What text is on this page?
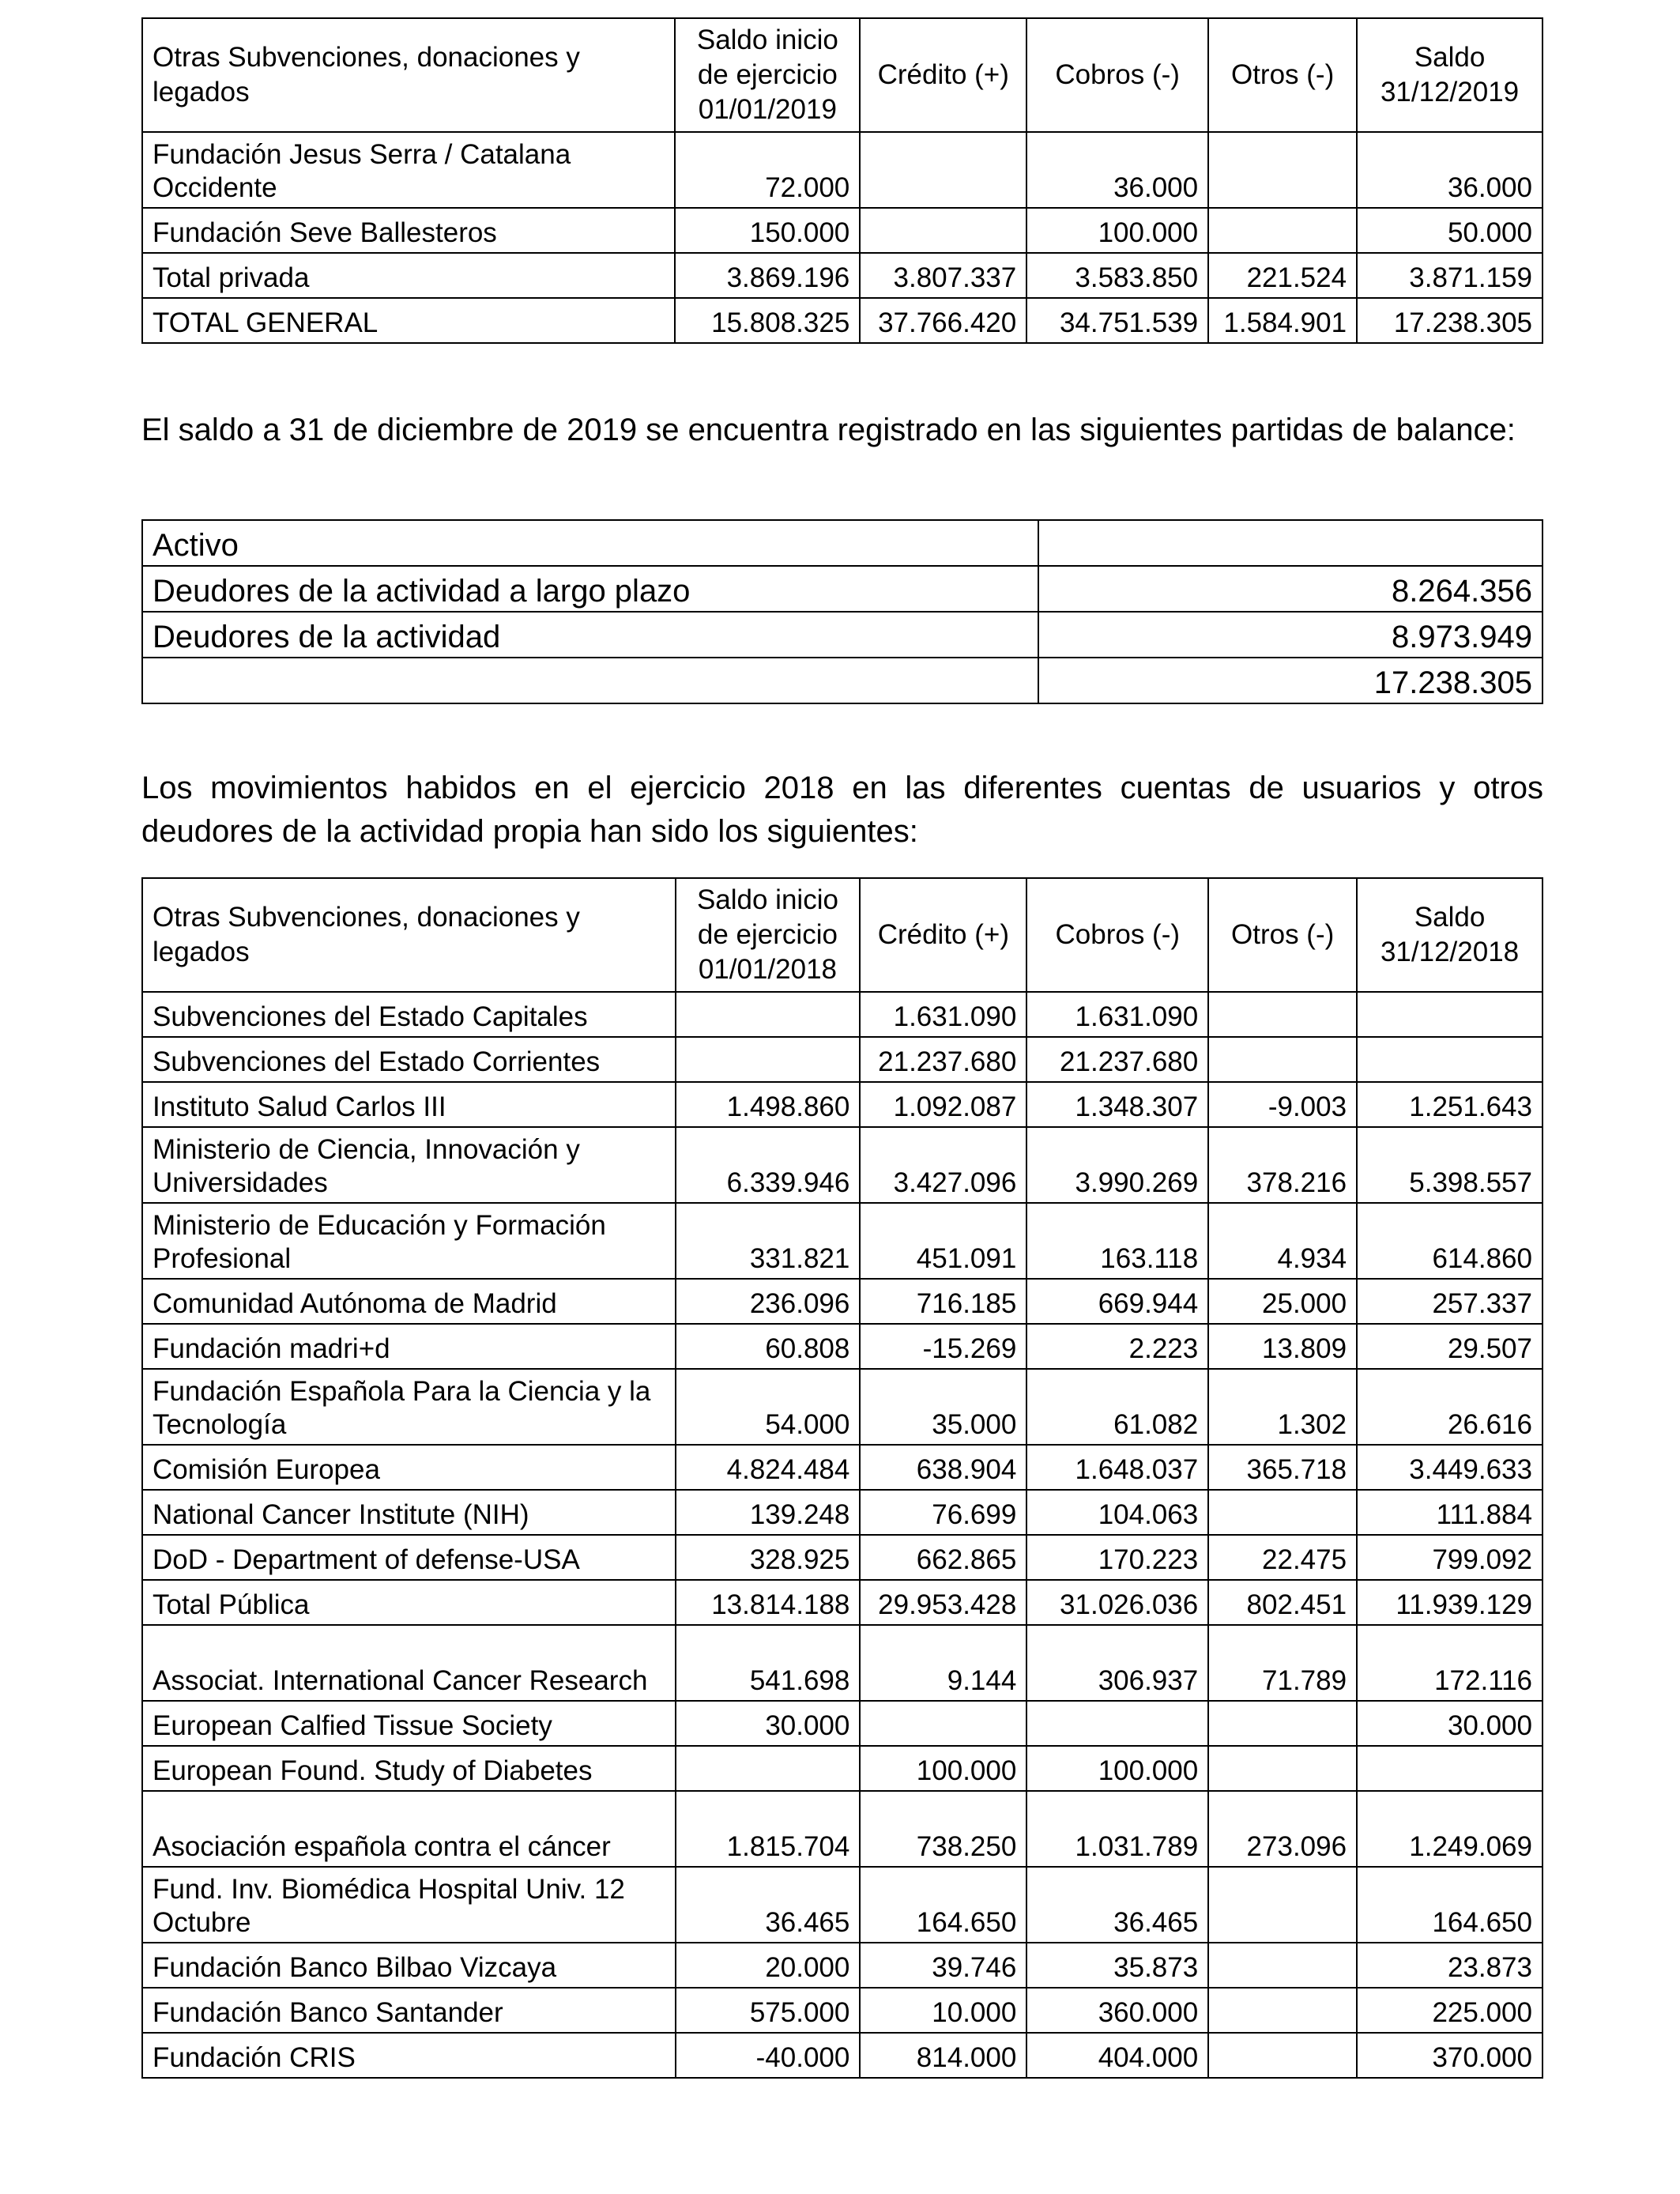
Otras Subvenciones, donaciones y legados	Saldo inicio de ejercicio 01/01/2019	Crédito (+)	Cobros (-)	Otros (-)	Saldo 31/12/2019
Fundación Jesus Serra / Catalana Occidente	72.000		36.000		36.000
Fundación Seve Ballesteros	150.000		100.000		50.000
Total privada	3.869.196	3.807.337	3.583.850	221.524	3.871.159
TOTAL GENERAL	15.808.325	37.766.420	34.751.539	1.584.901	17.238.305

El saldo a 31 de diciembre de 2019 se encuentra registrado en las siguientes partidas de balance:

Activo	
Deudores de la actividad a largo plazo	8.264.356
Deudores de la actividad	8.973.949
	17.238.305

Los movimientos habidos en el ejercicio 2018 en las diferentes cuentas de usuarios y otros deudores de la actividad propia han sido los siguientes:

Otras Subvenciones, donaciones y legados	Saldo inicio de ejercicio 01/01/2018	Crédito (+)	Cobros (-)	Otros (-)	Saldo 31/12/2018
Subvenciones del Estado Capitales		1.631.090	1.631.090		
Subvenciones del Estado Corrientes		21.237.680	21.237.680		
Instituto Salud Carlos III	1.498.860	1.092.087	1.348.307	-9.003	1.251.643
Ministerio de Ciencia, Innovación y Universidades	6.339.946	3.427.096	3.990.269	378.216	5.398.557
Ministerio de Educación y Formación Profesional	331.821	451.091	163.118	4.934	614.860
Comunidad Autónoma de Madrid	236.096	716.185	669.944	25.000	257.337
Fundación madri+d	60.808	-15.269	2.223	13.809	29.507
Fundación Española Para la Ciencia y la Tecnología	54.000	35.000	61.082	1.302	26.616
Comisión Europea	4.824.484	638.904	1.648.037	365.718	3.449.633
National Cancer Institute (NIH)	139.248	76.699	104.063		111.884
DoD - Department of defense-USA	328.925	662.865	170.223	22.475	799.092
Total Pública	13.814.188	29.953.428	31.026.036	802.451	11.939.129
Associat. International Cancer Research	541.698	9.144	306.937	71.789	172.116
European Calfied Tissue Society	30.000				30.000
European Found. Study of Diabetes		100.000	100.000		
Asociación española contra el cáncer	1.815.704	738.250	1.031.789	273.096	1.249.069
Fund. Inv. Biomédica Hospital Univ. 12 Octubre	36.465	164.650	36.465		164.650
Fundación Banco Bilbao Vizcaya	20.000	39.746	35.873		23.873
Fundación Banco Santander	575.000	10.000	360.000		225.000
Fundación CRIS	-40.000	814.000	404.000		370.000
